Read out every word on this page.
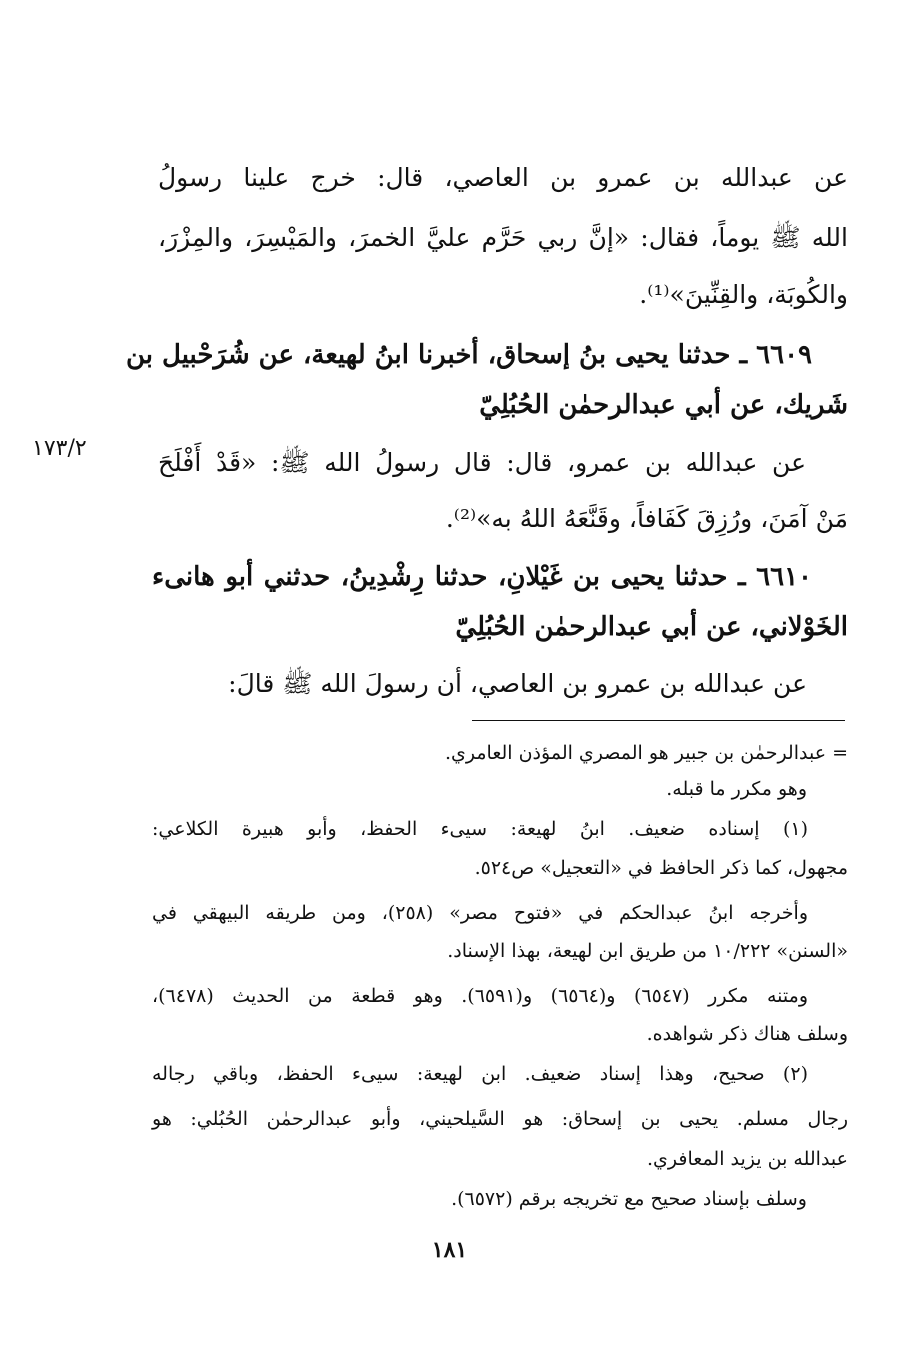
عن عبدالله بن عمرو بن العاصي، قال: خرج علينا رسولُ
الله ﷺ يوماً، فقال: «إنَّ ربي حَرَّم عليَّ الخمرَ، والمَيْسِرَ، والمِزْرَ،
والكُوبَة، والقِنِّينَ»⁽¹⁾.
٦٦٠٩ ـ حدثنا يحيى بنُ إسحاق، أخبرنا ابنُ لهيعة، عن شُرَحْبيل بن
شَريك، عن أبي عبدالرحمٰن الحُبُلِيّ
١٧٣/٢	عن عبدالله بن عمرو، قال: قال رسولُ الله ﷺ: «قَدْ أَفْلَحَ
مَنْ آمَنَ، ورُزِقَ كَفَافاً، وقَنَّعَهُ اللهُ به»⁽²⁾.
٦٦١٠ ـ حدثنا يحيى بن غَيْلانِ، حدثنا رِشْدِينُ، حدثني أبو هانىء
الخَوْلاني، عن أبي عبدالرحمٰن الحُبُلِيّ
عن عبدالله بن عمرو بن العاصي، أن رسولَ الله ﷺ قالَ:
= عبدالرحمٰن بن جبير هو المصري المؤذن العامري.
وهو مكرر ما قبله.
(١) إسناده ضعيف. ابنُ لهيعة: سيىء الحفظ، وأبو هبيرة الكلاعي:
مجهول، كما ذكر الحافظ في «التعجيل» ص٥٢٤.
وأخرجه ابنُ عبدالحكم في «فتوح مصر» (٢٥٨)، ومن طريقه البيهقي في
«السنن» ١٠/٢٢٢ من طريق ابن لهيعة، بهذا الإسناد.
ومتنه مكرر (٦٥٤٧) و(٦٥٦٤) و(٦٥٩١). وهو قطعة من الحديث (٦٤٧٨)،
وسلف هناك ذكر شواهده.
(٢) صحيح، وهذا إسناد ضعيف. ابن لهيعة: سيىء الحفظ، وباقي رجاله
رجال مسلم. يحيى بن إسحاق: هو السَّيلحيني، وأبو عبدالرحمٰن الحُبُلي: هو
عبدالله بن يزيد المعافري.
وسلف بإسناد صحيح مع تخريجه برقم (٦٥٧٢).
١٨١
